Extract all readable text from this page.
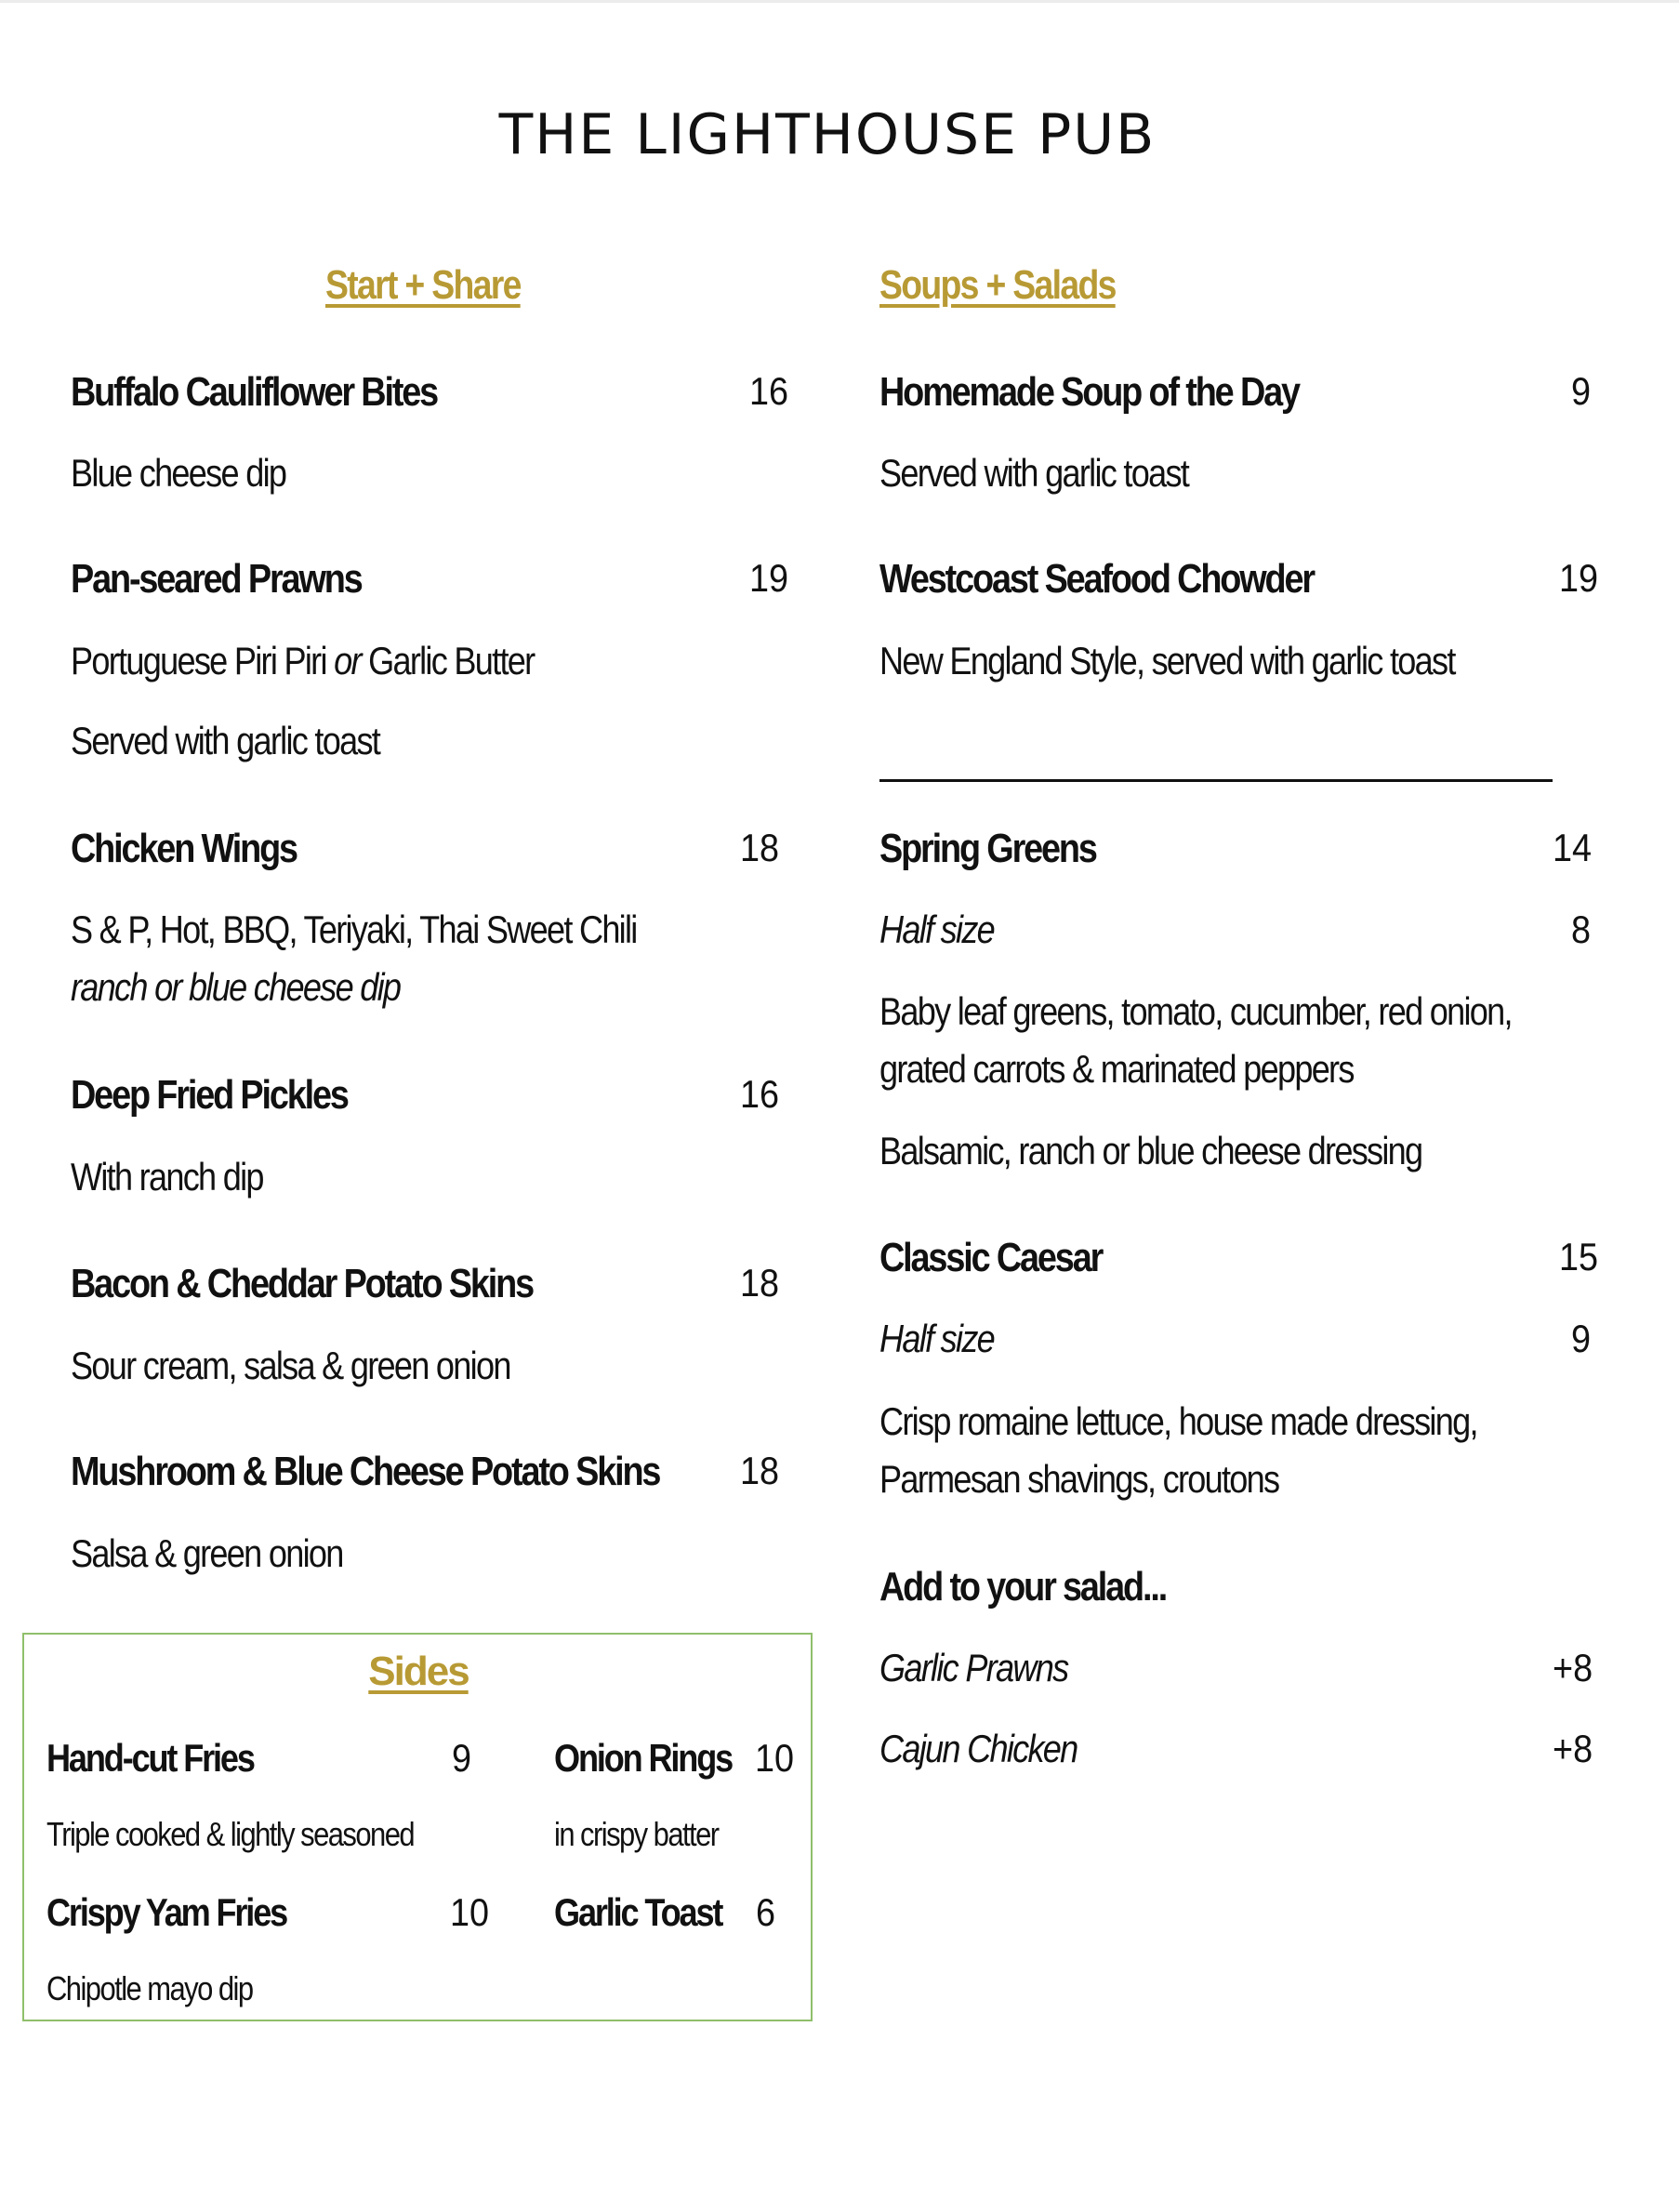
THE LIGHTHOUSE PUB
Start + Share
Buffalo Cauliflower Bites	16
Blue cheese dip
Pan-seared Prawns	19
Portuguese Piri Piri or Garlic Butter
Served with garlic toast
Chicken Wings	18
S & P, Hot, BBQ, Teriyaki, Thai Sweet Chili
ranch or blue cheese dip
Deep Fried Pickles	16
With ranch dip
Bacon & Cheddar Potato Skins	18
Sour cream, salsa & green onion
Mushroom & Blue Cheese Potato Skins 18
Salsa & green onion
Soups + Salads
Homemade Soup of the Day	9
Served with garlic toast
Westcoast Seafood Chowder	19
New England Style, served with garlic toast
Spring Greens	14
Half size	8
Baby leaf greens, tomato, cucumber, red onion,
grated carrots & marinated peppers
Balsamic, ranch or blue cheese dressing
Classic Caesar	15
Half size	9
Crisp romaine lettuce, house made dressing,
Parmesan shavings, croutons
Add to your salad...
Garlic Prawns	+8
Cajun Chicken	+8
Sides
Hand-cut Fries	9
Triple cooked & lightly seasoned
Onion Rings 10
in crispy batter
Crispy Yam Fries	10
Chipotle mayo dip
Garlic Toast 6
